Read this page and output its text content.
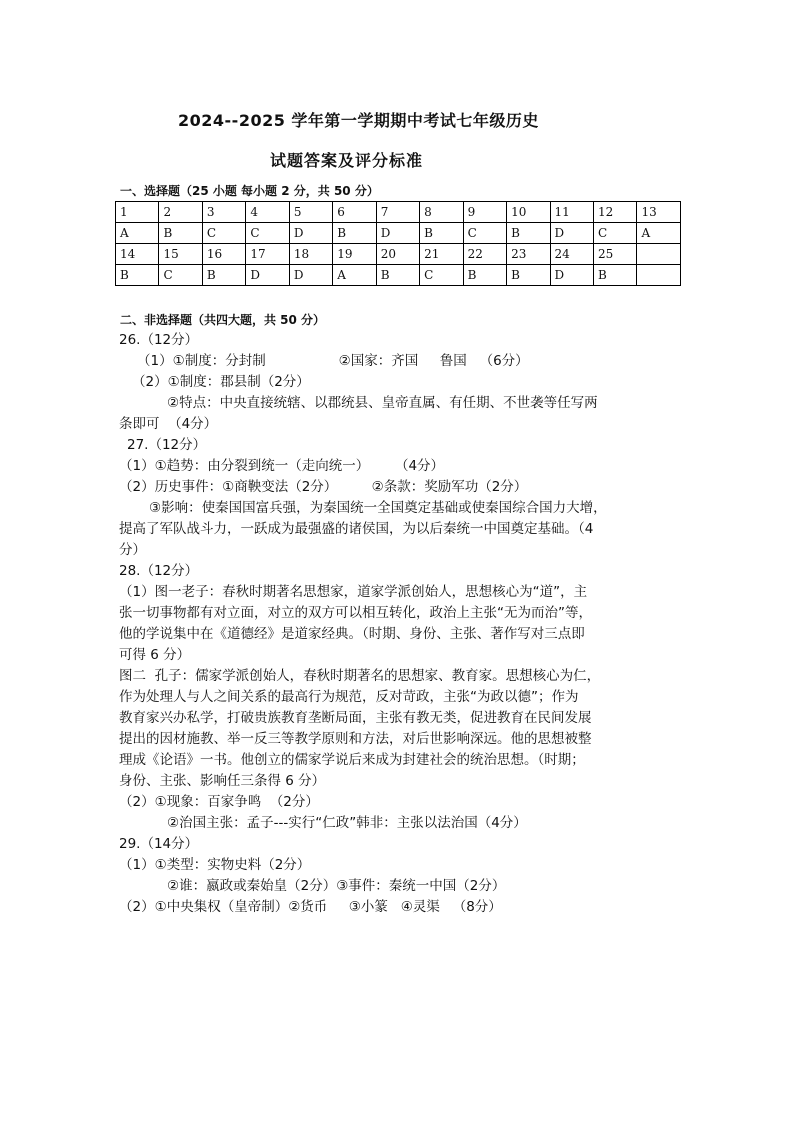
2024--2025 学年第一学期期中考试七年级历史
试题答案及评分标准
一、选择题（25 小题 每小题 2 分，共 50 分）
1	2	3	4	5	6	7	8	9	10	11	12	13
A	B	C	C	D	B	D	B	C	B	D	C	A
14	15	16	17	18	19	20	21	22	23	24	25	
B	C	B	D	D	A	B	C	B	B	D	B	
二、非选择题（共四大题，共 50 分）

26.（12分）

（1）①制度：分封制                 ②国家：齐国     鲁国   （6分）

（2）①制度：郡县制（2分）

②特点：中央直接统辖、以郡统县、皇帝直属、有任期、不世袭等任写两

条即可  （4分）

27.（12分）

（1）①趋势：由分裂到统一（走向统一）      （4分）

（2）历史事件：①商鞅变法（2分）        ②条款：奖励军功（2分）

③影响：使秦国国富兵强，为秦国统一全国奠定基础或使秦国综合国力大增，

提高了军队战斗力，一跃成为最强盛的诸侯国，为以后秦统一中国奠定基础。（4

分）

28.（12分）

（1）图一老子：春秋时期著名思想家，道家学派创始人，思想核心为“道”，主

张一切事物都有对立面，对立的双方可以相互转化，政治上主张“无为而治”等，

他的学说集中在《道德经》是道家经典。（时期、身份、主张、著作写对三点即

可得 6 分）

图二  孔子：儒家学派创始人，春秋时期著名的思想家、教育家。思想核心为仁，

作为处理人与人之间关系的最高行为规范，反对苛政，主张“为政以德”；作为

教育家兴办私学，打破贵族教育垄断局面，主张有教无类，促进教育在民间发展

提出的因材施教、举一反三等教学原则和方法，对后世影响深远。他的思想被整

理成《论语》一书。他创立的儒家学说后来成为封建社会的统治思想。（时期；

身份、主张、影响任三条得 6 分）

（2）①现象：百家争鸣  （2分）

②治国主张：孟子---实行“仁政”韩非：主张以法治国（4分）

29.（14分）

（1）①类型：实物史料（2分）

②谁：嬴政或秦始皇（2分）③事件：秦统一中国（2分）

（2）①中央集权（皇帝制）②货币     ③小篆   ④灵渠   （8分）
